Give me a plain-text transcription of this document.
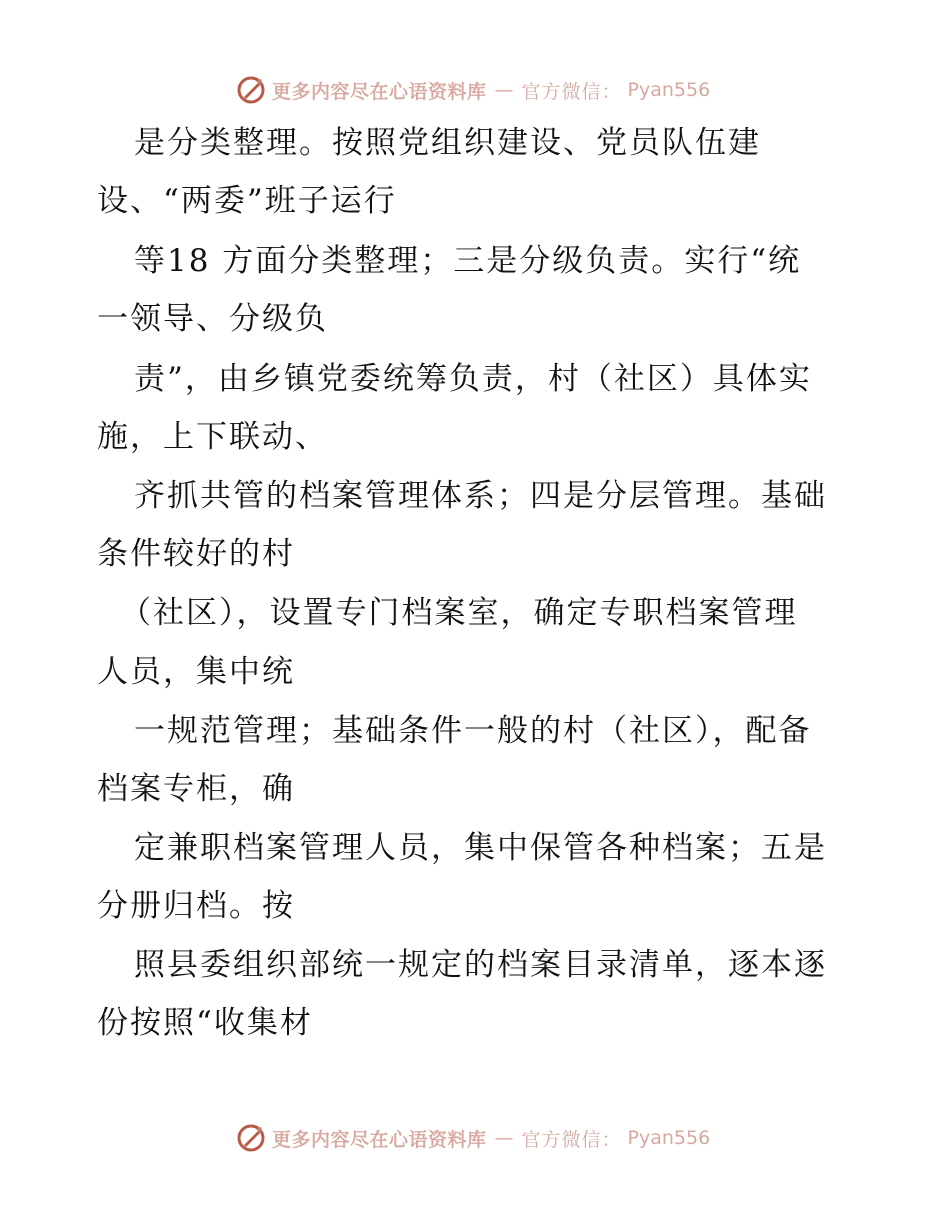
更多内容尽在心语资料库 — 官方微信： Pyan556
是分类整理。按照党组织建设、党员队伍建
设、“两委”班子运行
等18 方面分类整理；三是分级负责。实行“统
一领导、分级负
责”，由乡镇党委统筹负责，村（社区）具体实
施，上下联动、
齐抓共管的档案管理体系；四是分层管理。基础
条件较好的村
（社区），设置专门档案室，确定专职档案管理
人员，集中统
一规范管理；基础条件一般的村（社区），配备
档案专柜，确
定兼职档案管理人员，集中保管各种档案；五是
分册归档。按
照县委组织部统一规定的档案目录清单，逐本逐
份按照“收集材
更多内容尽在心语资料库 — 官方微信： Pyan556
